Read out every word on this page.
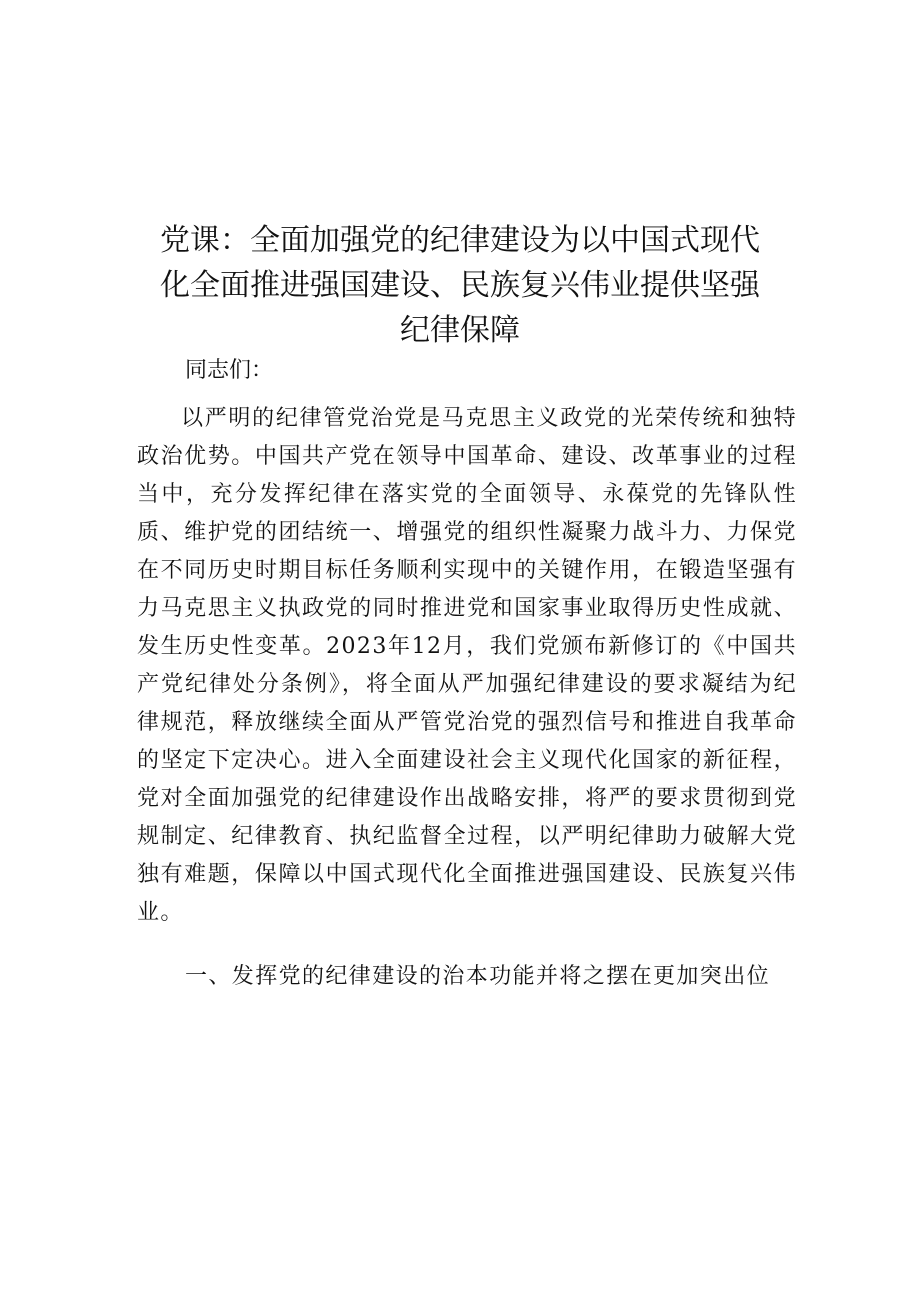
党课：全面加强党的纪律建设为以中国式现代
化全面推进强国建设、民族复兴伟业提供坚强
纪律保障
同志们：

以严明的纪律管党治党是马克思主义政党的光荣传统和独特政治优势。中国共产党在领导中国革命、建设、改革事业的过程当中，充分发挥纪律在落实党的全面领导、永葆党的先锋队性质、维护党的团结统一、增强党的组织性凝聚力战斗力、力保党在不同历史时期目标任务顺利实现中的关键作用，在锻造坚强有力马克思主义执政党的同时推进党和国家事业取得历史性成就、发生历史性变革。2023年12月，我们党颁布新修订的《中国共产党纪律处分条例》，将全面从严加强纪律建设的要求凝结为纪律规范，释放继续全面从严管党治党的强烈信号和推进自我革命的坚定下定决心。进入全面建设社会主义现代化国家的新征程，党对全面加强党的纪律建设作出战略安排，将严的要求贯彻到党规制定、纪律教育、执纪监督全过程，以严明纪律助力破解大党独有难题，保障以中国式现代化全面推进强国建设、民族复兴伟业。

一、发挥党的纪律建设的治本功能并将之摆在更加突出位
